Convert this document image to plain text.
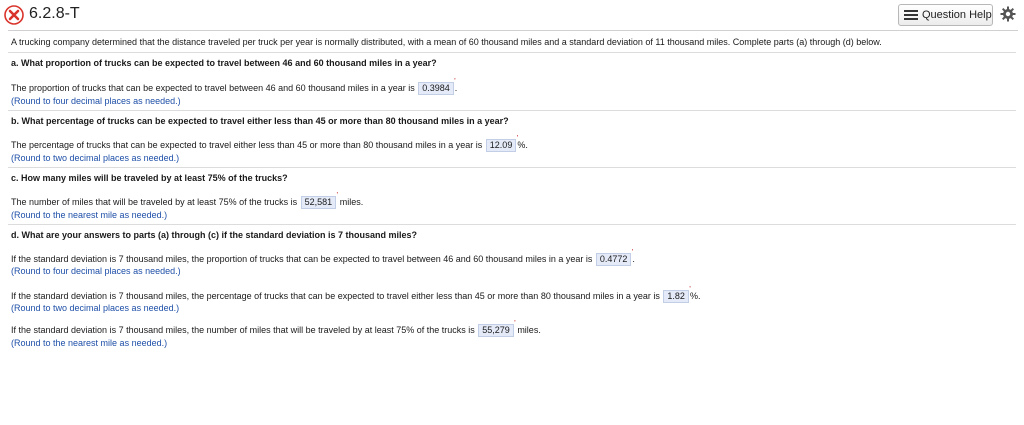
6.2.8-T	Question Help
A trucking company determined that the distance traveled per truck per year is normally distributed, with a mean of 60 thousand miles and a standard deviation of 11 thousand miles. Complete parts (a) through (d) below.
a. What proportion of trucks can be expected to travel between 46 and 60 thousand miles in a year?
The proportion of trucks that can be expected to travel between 46 and 60 thousand miles in a year is 0.3984
’
.
(Round to four decimal places as needed.)
b. What percentage of trucks can be expected to travel either less than 45 or more than 80 thousand miles in a year?
The percentage of trucks that can be expected to travel either less than 45 or more than 80 thousand miles in a year is 12.09
’
%.
(Round to two decimal places as needed.)
c. How many miles will be traveled by at least 75% of the trucks?
The number of miles that will be traveled by at least 75% of the trucks is 52,581
’
miles.
(Round to the nearest mile as needed.)
d. What are your answers to parts (a) through (c) if the standard deviation is 7 thousand miles?
If the standard deviation is 7 thousand miles, the proportion of trucks that can be expected to travel between 46 and 60 thousand miles in a year is 0.4772
’
.
(Round to four decimal places as needed.)
If the standard deviation is 7 thousand miles, the percentage of trucks that can be expected to travel either less than 45 or more than 80 thousand miles in a year is 1.82
’
%.
(Round to two decimal places as needed.)
If the standard deviation is 7 thousand miles, the number of miles that will be traveled by at least 75% of the trucks is 55,279
’
miles.
(Round to the nearest mile as needed.)
